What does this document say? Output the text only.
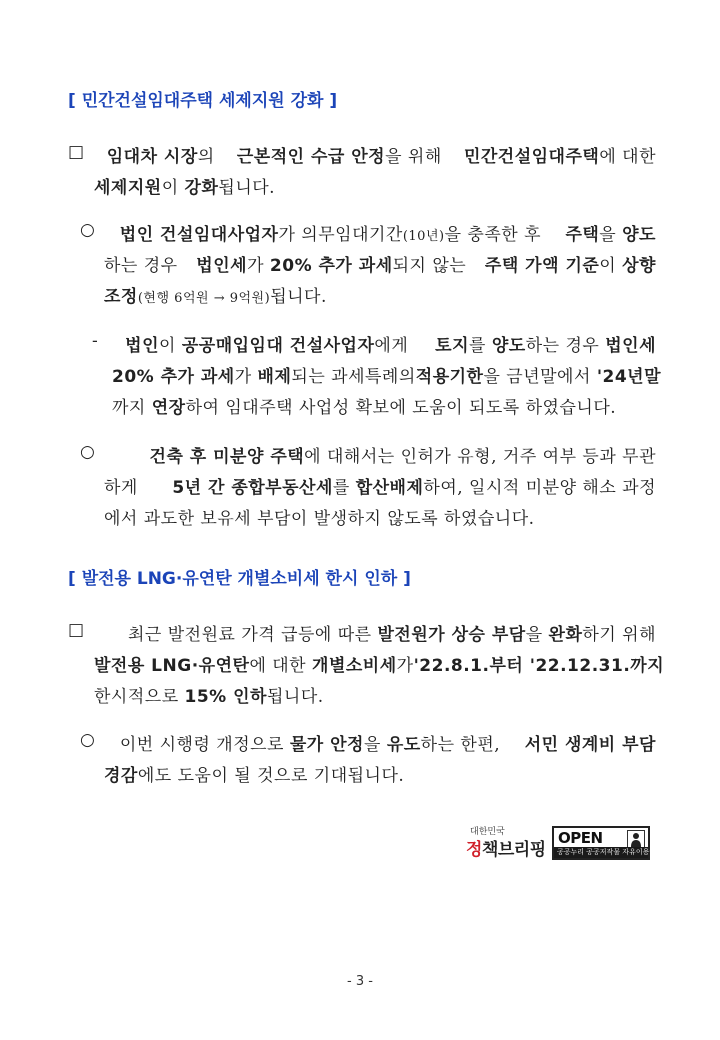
[ 민간건설임대주택 세제지원 강화 ]
□ 임대차 시장의 근본적인 수급 안정을 위해 민간건설임대주택에 대한
세제지원이 강화됩니다.
○ 법인 건설임대사업자가 의무임대기간(10년)을 충족한 후 주택을 양도
하는 경우 법인세가 20% 추가 과세되지 않는 주택 가액 기준이 상향
조정(현행 6억원 → 9억원)됩니다.
- 법인이 공공매입임대 건설사업자에게 토지를 양도하는 경우 법인세
20% 추가 과세가 배제되는 과세특례의 적용기한을 금년말에서 '24년말
까지 연장하여 임대주택 사업성 확보에 도움이 되도록 하였습니다.
○	건축 후 미분양 주택에 대해서는 인허가 유형, 거주 여부 등과 무관
하게 5년 간 종합부동산세를 합산배제하여, 일시적 미분양 해소 과정
에서 과도한 보유세 부담이 발생하지 않도록 하였습니다.
[ 발전용 LNG·유연탄 개별소비세 한시 인하 ]
□	최근 발전원료 가격 급등에 따른 발전원가 상승 부담을 완화하기 위해
발전용 LNG·유연탄에 대한 개별소비세가 '22.8.1.부터 '22.12.31.까지
한시적으로 15% 인하됩니다.
○ 이번 시행령 개정으로 물가 안정을 유도하는 한편, 서민 생계비 부담
경감에도 도움이 될 것으로 기대됩니다.
대한민국
정책브리핑
OPEN
공공누리 공공저작물 자유이용허락
- 3 -
